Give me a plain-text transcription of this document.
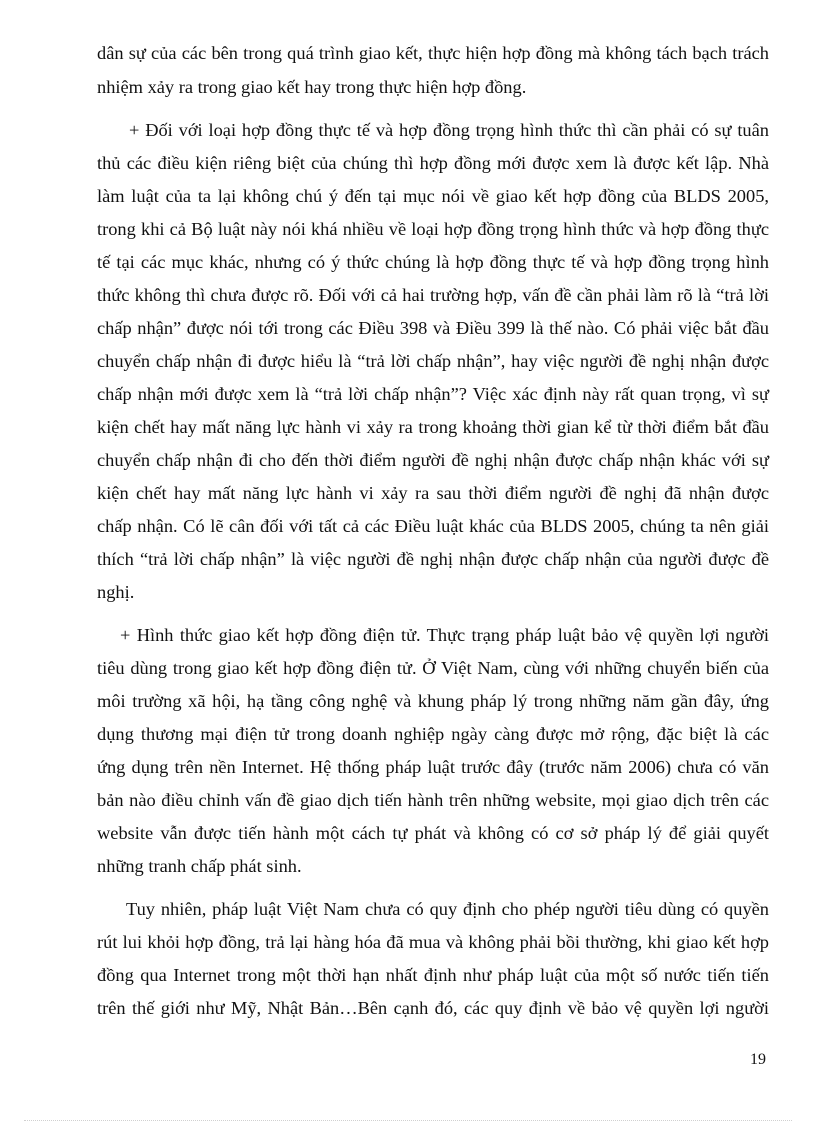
dân sự của các bên trong quá trình giao kết, thực hiện hợp đồng mà không tách bạch trách
nhiệm xảy ra trong giao kết hay trong thực hiện hợp đồng.
+ Đối với loại hợp đồng thực tế và hợp đồng trọng hình thức thì cần phải có sự tuân
thủ các điều kiện riêng biệt của chúng thì hợp đồng mới được xem là được kết lập. Nhà
làm luật của ta lại không chú ý đến tại mục nói về giao kết hợp đồng của BLDS 2005,
trong khi cả Bộ luật này nói khá nhiều về loại hợp đồng trọng hình thức và hợp đồng thực
tế tại các mục khác, nhưng có ý thức chúng là hợp đồng thực tế và hợp đồng trọng hình
thức không thì chưa được rõ. Đối với cả hai trường hợp, vấn đề cần phải làm rõ là “trả lời
chấp nhận” được nói tới trong các Điều 398 và Điều 399 là thế nào. Có phải việc bắt đầu
chuyển chấp nhận đi được hiểu là “trả lời chấp nhận”, hay việc người đề nghị nhận được
chấp nhận mới được xem là “trả lời chấp nhận”? Việc xác định này rất quan trọng, vì sự
kiện chết hay mất năng lực hành vi xảy ra trong khoảng thời gian kể từ thời điểm bắt đầu
chuyển chấp nhận đi cho đến thời điểm người đề nghị nhận được chấp nhận khác với sự
kiện chết hay mất năng lực hành vi xảy ra sau thời điểm người đề nghị đã nhận được
chấp nhận. Có lẽ cân đối với tất cả các Điều luật khác của BLDS 2005, chúng ta nên giải
thích “trả lời chấp nhận” là việc người đề nghị nhận được chấp nhận của người được đề
nghị.
+ Hình thức giao kết hợp đồng điện tử. Thực trạng pháp luật bảo vệ quyền lợi người
tiêu dùng trong giao kết hợp đồng điện tử. Ở Việt Nam, cùng với những chuyển biến của
môi trường xã hội, hạ tầng công nghệ và khung pháp lý trong những năm gần đây, ứng
dụng thương mại điện tử trong doanh nghiệp ngày càng được mở rộng, đặc biệt là các
ứng dụng trên nền Internet. Hệ thống pháp luật trước đây (trước năm 2006) chưa có văn
bản nào điều chỉnh vấn đề giao dịch tiến hành trên những website, mọi giao dịch trên các
website vẫn được tiến hành một cách tự phát và không có cơ sở pháp lý để giải quyết
những tranh chấp phát sinh.
Tuy nhiên, pháp luật Việt Nam chưa có quy định cho phép người tiêu dùng có quyền
rút lui khỏi hợp đồng, trả lại hàng hóa đã mua và không phải bồi thường, khi giao kết hợp
đồng qua Internet trong một thời hạn nhất định như pháp luật của một số nước tiến tiến
trên thế giới như Mỹ, Nhật Bản…Bên cạnh đó, các quy định về bảo vệ quyền lợi người
19
